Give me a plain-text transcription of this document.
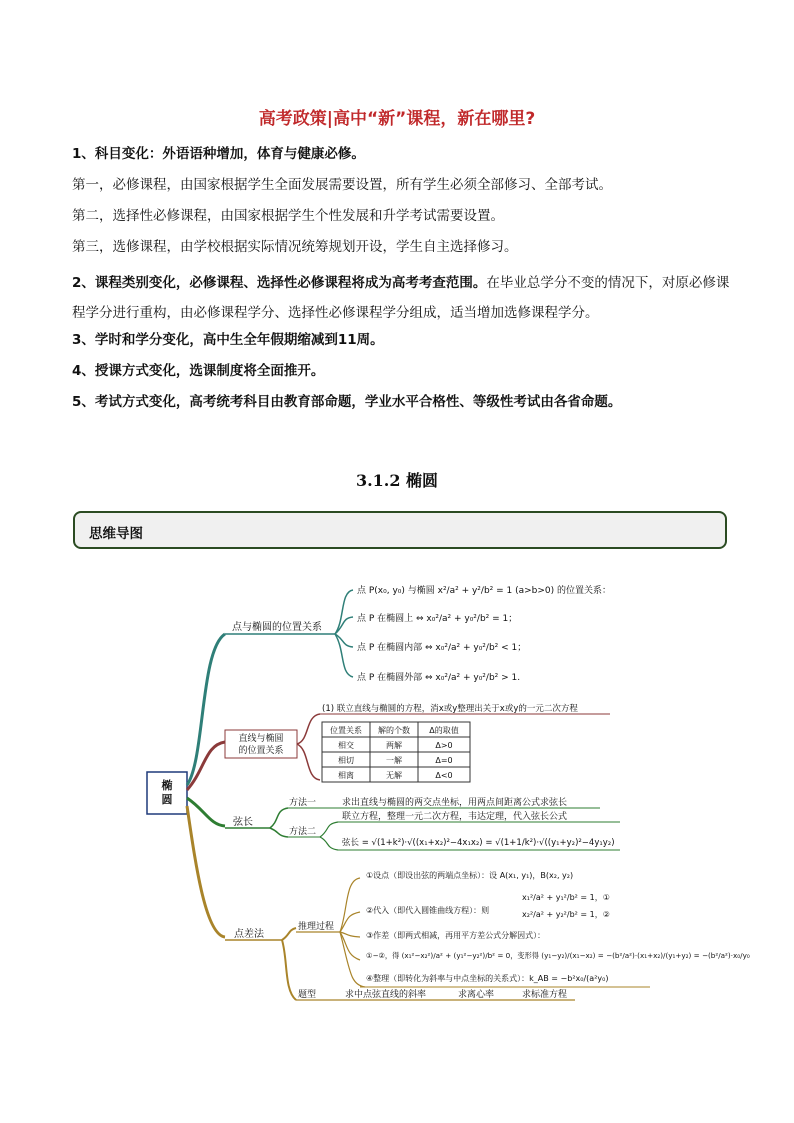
高考政策|高中“新”课程，新在哪里?
1、科目变化：外语语种增加，体育与健康必修。
第一，必修课程，由国家根据学生全面发展需要设置，所有学生必须全部修习、全部考试。
第二，选择性必修课程，由国家根据学生个性发展和升学考试需要设置。
第三，选修课程，由学校根据实际情况统筹规划开设，学生自主选择修习。
2、课程类别变化，必修课程、选择性必修课程将成为高考考查范围。在毕业总学分不变的情况下，对原必修课程学分进行重构，由必修课程学分、选择性必修课程学分组成，适当增加选修课程学分。
3、学时和学分变化，高中生全年假期缩减到11周。
4、授课方式变化，选课制度将全面推开。
5、考试方式变化，高考统考科目由教育部命题，学业水平合格性、等级性考试由各省命题。
3.1.2 椭圆
思维导图
椭
圆
点与椭圆的位置关系
点 P(x₀, y₀) 与椭圆 x²/a² + y²/b² = 1 (a>b>0) 的位置关系：
点 P 在椭圆上 ⇔ x₀²/a² + y₀²/b² = 1；
点 P 在椭圆内部 ⇔ x₀²/a² + y₀²/b² < 1；
点 P 在椭圆外部 ⇔ x₀²/a² + y₀²/b² > 1.
直线与椭圆
的位置关系
(1) 联立直线与椭圆的方程，消x或y整理出关于x或y的一元二次方程
位置关系 解的个数 Δ的取值
相交	两解	Δ>0
相切	一解	Δ=0
相离	无解	Δ<0
弦长
方法一	求出直线与椭圆的两交点坐标，用两点间距离公式求弦长
方法二
联立方程，整理一元二次方程，韦达定理，代入弦长公式
弦长 = √(1+k²)·√((x₁+x₂)²−4x₁x₂) = √(1+1/k²)·√((y₁+y₂)²−4y₁y₂)
点差法
推理过程
①设点（即设出弦的两端点坐标）：设 A(x₁, y₁)，B(x₂, y₂)
②代入（即代入圆锥曲线方程）：则
x₁²/a² + y₁²/b² = 1，①
x₂²/a² + y₂²/b² = 1，②
③作差（即两式相减，再用平方差公式分解因式）：
①−②，得 (x₁²−x₂²)/a² + (y₁²−y₂²)/b² = 0，变形得 (y₁−y₂)/(x₁−x₂) = −(b²/a²)·(x₁+x₂)/(y₁+y₂) = −(b²/a²)·x₀/y₀
④整理（即转化为斜率与中点坐标的关系式）：k_AB = −b²x₀/(a²y₀)
题型	求中点弦直线的斜率	求离心率	求标准方程
